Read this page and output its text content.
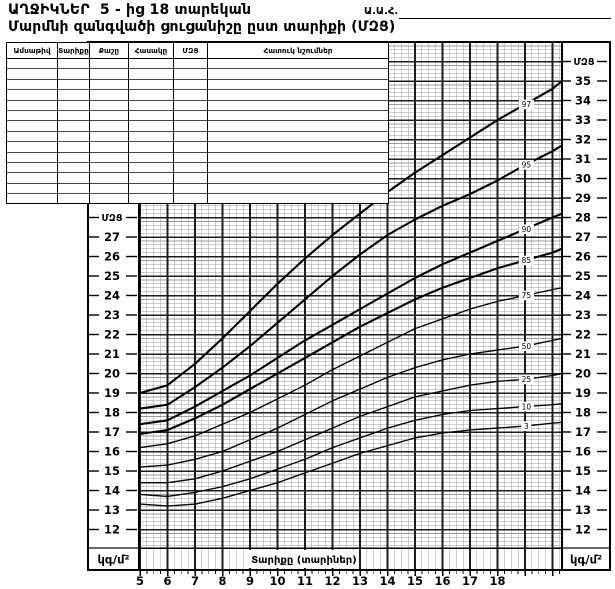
ԱՂՋԻԿՆԵՐ  5 - ից 18 տարեկան
Մարմնի զանգվածի ցուցանիշը ըստ տարիքի (ՄԶՑ)
Ա.Ա.Հ.
97
95
90
85
75
50
25
10
3
12
13
14
15
16
17
18
19
20
21
22
23
24
25
26
27
ՄԶՑ
12
13
14
15
16
17
18
19
20
21
22
23
24
25
26
27
28
29
30
31
32
33
34
35
ՄԶՑ
Տարիքը (տարիներ)
կգ/մ²	կգ/մ²
5 6 7 8 9 10 11 12 13 14 15 16 17 18
Ամսաթիվ	Տարիքը	Քաշը	Հասակը	ՄԶՑ	Հատուկ նշումներ
